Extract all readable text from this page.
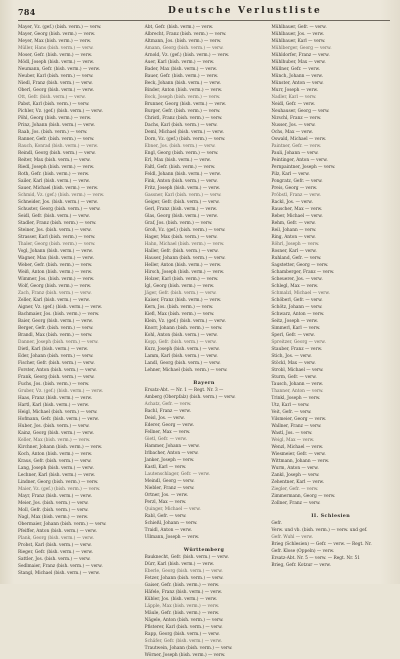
784	Deutsche Verlustliste
Mayer, Vz. (gef.) (bish. verm.) — verw.
Mayer, Georg (bish. verm.) — verw.
Meyer, Max (bish. verm.) — verw.
Müller, Hans (bish. verm.) — verw.
Moser, Gefr. (bish. verm.) — verw.
Mödl, Joseph (bish. verm.) — verw.
Neumann, Gefr. (bish. verm.) — verw.
Neuber, Karl (bish. verm.) — verw.
Niedl, Franz (bish. verm.) — verw.
Oberl, Georg (bish. verm.) — verw.
Ott, Gefr. (bish. verm.) — verw.
Pabst, Karl (bish. verm.) — verw.
Pichler, Vz. (gef.) (bish. verm.) — verw.
Pöhl, Georg (bish. verm.) — verw.
Prinz, Johann (bish. verm.) — verw.
Raab, Jos. (bish. verm.) — verw.
Ranner, Gefr. (bish. verm.) — verw.
Rauch, Konrad (bish. verm.) — verw.
Reindl, Georg (bish. verm.) — verw.
Reiter, Max (bish. verm.) — verw.
Riedl, Joseph (bish. verm.) — verw.
Roth, Gefr. (bish. verm.) — verw.
Sailer, Karl (bish. verm.) — verw.
Sauer, Michael (bish. verm.) — verw.
Schmid, Vz. (gef.) (bish. verm.) — verw.
Schneider, Jos. (bish. verm.) — verw.
Schuster, Georg (bish. verm.) — verw.
Seidl, Gefr. (bish. verm.) — verw.
Stadler, Franz (bish. verm.) — verw.
Steiner, Jos. (bish. verm.) — verw.
Strasser, Karl (bish. verm.) — verw.
Thaler, Georg (bish. verm.) — verw.
Vogl, Johann (bish. verm.) — verw.
Wagner, Max (bish. verm.) — verw.
Weber, Gefr. (bish. verm.) — verw.
Weiß, Anton (bish. verm.) — verw.
Wimmer, Jos. (bish. verm.) — verw.
Wolf, Georg (bish. verm.) — verw.
Zach, Franz (bish. verm.) — verw.
Zeller, Karl (bish. verm.) — verw.
Aigner, Vz. (gef.) (bish. verm.) — verw.
Bachmaier, Jos. (bish. verm.) — verw.
Baier, Georg (bish. verm.) — verw.
Berger, Gefr. (bish. verm.) — verw.
Brandl, Max (bish. verm.) — verw.
Danner, Joseph (bish. verm.) — verw.
Dietl, Karl (bish. verm.) — verw.
Eder, Johann (bish. verm.) — verw.
Fischer, Gefr. (bish. verm.) — verw.
Forster, Anton (bish. verm.) — verw.
Frank, Georg (bish. verm.) — verw.
Fuchs, Jos. (bish. verm.) — verw.
Gruber, Vz. (gef.) (bish. verm.) — verw.
Haas, Franz (bish. verm.) — verw.
Hartl, Karl (bish. verm.) — verw.
Heigl, Michael (bish. verm.) — verw.
Hofmann, Gefr. (bish. verm.) — verw.
Huber, Jos. (bish. verm.) — verw.
Kainz, Georg (bish. verm.) — verw.
Keller, Max (bish. verm.) — verw.
Kirchner, Johann (bish. verm.) — verw.
Koch, Anton (bish. verm.) — verw.
Kraus, Gefr. (bish. verm.) — verw.
Lang, Joseph (bish. verm.) — verw.
Lechner, Karl (bish. verm.) — verw.
Lindner, Georg (bish. verm.) — verw.
Maier, Vz. (gef.) (bish. verm.) — verw.
Mayr, Franz (bish. verm.) — verw.
Meier, Jos. (bish. verm.) — verw.
Moll, Gefr. (bish. verm.) — verw.
Nagl, Max (bish. verm.) — verw.
Obermaier, Johann (bish. verm.) — verw.
Pfeiffer, Anton (bish. verm.) — verw.
Plank, Georg (bish. verm.) — verw.
Probst, Karl (bish. verm.) — verw.
Rieger, Gefr. (bish. verm.) — verw.
Sattler, Jos. (bish. verm.) — verw.
Sedlmaier, Franz (bish. verm.) — verw.
Stangl, Michael (bish. verm.) — verw.
Abt, Gefr. (bish. verm.) — verw.
Albrecht, Franz (bish. verm.) — verw.
Altmann, Jos. (bish. verm.) — verw.
Amann, Georg (bish. verm.) — verw.
Arnold, Vz. (gef.) (bish. verm.) — verw.
Auer, Karl (bish. verm.) — verw.
Bader, Max (bish. verm.) — verw.
Bauer, Gefr. (bish. verm.) — verw.
Beck, Johann (bish. verm.) — verw.
Binder, Anton (bish. verm.) — verw.
Bock, Joseph (bish. verm.) — verw.
Brunner, Georg (bish. verm.) — verw.
Burger, Gefr. (bish. verm.) — verw.
Christl, Franz (bish. verm.) — verw.
Dachs, Karl (bish. verm.) — verw.
Deml, Michael (bish. verm.) — verw.
Dorn, Vz. (gef.) (bish. verm.) — verw.
Ebner, Jos. (bish. verm.) — verw.
Engl, Georg (bish. verm.) — verw.
Erl, Max (bish. verm.) — verw.
Faltl, Gefr. (bish. verm.) — verw.
Feldl, Johann (bish. verm.) — verw.
Fink, Anton (bish. verm.) — verw.
Fritz, Joseph (bish. verm.) — verw.
Gassner, Karl (bish. verm.) — verw.
Geiger, Gefr. (bish. verm.) — verw.
Gerl, Franz (bish. verm.) — verw.
Glas, Georg (bish. verm.) — verw.
Graf, Jos. (bish. verm.) — verw.
Groß, Vz. (gef.) (bish. verm.) — verw.
Hager, Max (bish. verm.) — verw.
Hahn, Michael (bish. verm.) — verw.
Haller, Gefr. (bish. verm.) — verw.
Hauser, Johann (bish. verm.) — verw.
Heller, Anton (bish. verm.) — verw.
Hirsch, Joseph (bish. verm.) — verw.
Holzer, Karl (bish. verm.) — verw.
Igl, Georg (bish. verm.) — verw.
Jäger, Gefr. (bish. verm.) — verw.
Kaiser, Franz (bish. verm.) — verw.
Kern, Jos. (bish. verm.) — verw.
Kiefl, Max (bish. verm.) — verw.
Klein, Vz. (gef.) (bish. verm.) — verw.
Knorr, Johann (bish. verm.) — verw.
Kohl, Anton (bish. verm.) — verw.
Kopp, Gefr. (bish. verm.) — verw.
Kurz, Joseph (bish. verm.) — verw.
Lamm, Karl (bish. verm.) — verw.
Landl, Georg (bish. verm.) — verw.
Lehner, Michael (bish. verm.) — verw.
Bayern
Ersatz-Abt. — Nr. 1 — Regt. Nr. 3 —
Amberg (Oberpfalz) (bish. verm.) — verw.
Achatz, Gefr. — verw.
Bachl, Franz — verw.
Deisl, Jos. — verw.
Ederer, Georg — verw.
Fellner, Max — verw.
Gietl, Gefr. — verw.
Hammer, Johann — verw.
Irlbacher, Anton — verw.
Janker, Joseph — verw.
Kastl, Karl — verw.
Lautenschlager, Gefr. — verw.
Meindl, Georg — verw.
Niebler, Franz — verw.
Ortner, Jos. — verw.
Perzl, Max — verw.
Quinger, Michael — verw.
Rabl, Gefr. — verw.
Schießl, Johann — verw.
Traidl, Anton — verw.
Ullmann, Joseph — verw.
Württemberg
Bauknecht, Gefr. (bish. verm.) — verw.
Dürr, Karl (bish. verm.) — verw.
Eberle, Georg (bish. verm.) — verw.
Fetzer, Johann (bish. verm.) — verw.
Gaiser, Gefr. (bish. verm.) — verw.
Häfele, Franz (bish. verm.) — verw.
Kübler, Jos. (bish. verm.) — verw.
Läpple, Max (bish. verm.) — verw.
Mäule, Gefr. (bish. verm.) — verw.
Nägele, Anton (bish. verm.) — verw.
Pfisterer, Karl (bish. verm.) — verw.
Rapp, Georg (bish. verm.) — verw.
Schäfer, Gefr. (bish. verm.) — verw.
Trautwein, Johann (bish. verm.) — verw.
Wörner, Joseph (bish. verm.) — verw.
Mühlbauer, Gefr. — verw.
Mühlbauer, Jos. — verw.
Mühlbauer, Karl — verw.
Mühlberger, Georg — verw.
Mühldorfer, Franz — verw.
Mühlhuber, Max — verw.
Müllner, Gefr. — verw.
Münch, Johann — verw.
Münster, Anton — verw.
Murr, Joseph — verw.
Nadler, Karl — verw.
Neidl, Gefr. — verw.
Neuhauser, Georg — verw.
Nirschl, Franz — verw.
Nusser, Jos. — verw.
Ochs, Max — verw.
Oswald, Michael — verw.
Paintner, Gefr. — verw.
Pauli, Johann — verw.
Peintinger, Anton — verw.
Pernpaintner, Joseph — verw.
Pilz, Karl — verw.
Pongratz, Gefr. — verw.
Preis, Georg — verw.
Pröbstl, Franz — verw.
Rackl, Jos. — verw.
Rauscher, Max — verw.
Reber, Michael — verw.
Rehm, Gefr. — verw.
Reil, Johann — verw.
Ring, Anton — verw.
Röhrl, Joseph — verw.
Rosner, Karl — verw.
Ruhland, Gefr. — verw.
Sagstetter, Georg — verw.
Schamberger, Franz — verw.
Scheuerer, Jos. — verw.
Schlegl, Max — verw.
Schmalzl, Michael — verw.
Schöberl, Gefr. — verw.
Schötz, Johann — verw.
Schwarz, Anton — verw.
Seitz, Joseph — verw.
Simmerl, Karl — verw.
Sperl, Gefr. — verw.
Spreitzer, Georg — verw.
Stauber, Franz — verw.
Stich, Jos. — verw.
Stöckl, Max — verw.
Strobl, Michael — verw.
Sturm, Gefr. — verw.
Tausch, Johann — verw.
Thanner, Anton — verw.
Trinkl, Joseph — verw.
Utz, Karl — verw.
Veit, Gefr. — verw.
Vilsmeier, Georg — verw.
Wallner, Franz — verw.
Wastl, Jos. — verw.
Weigl, Max — verw.
Wenzl, Michael — verw.
Wiesmeier, Gefr. — verw.
Wittmann, Johann — verw.
Wurm, Anton — verw.
Zankl, Joseph — verw.
Zehentner, Karl — verw.
Ziegler, Gefr. — verw.
Zimmermann, Georg — verw.
Zollner, Franz — verw.
II. Schlesien
Gefr.
Verw. und vb. (bish. verm.) — verw. und gef.
Gefr. Wuhl — verw.
Brieg (Schlesien) — Gefr. — verw. — Regt. Nr.
Gefr. Klose (Oppeln) — verw.
Ersatz-Abt. Nr. 5 — verw. — Regt. Nr. 51
Brieg, Gefr. Kotzur — verw.
